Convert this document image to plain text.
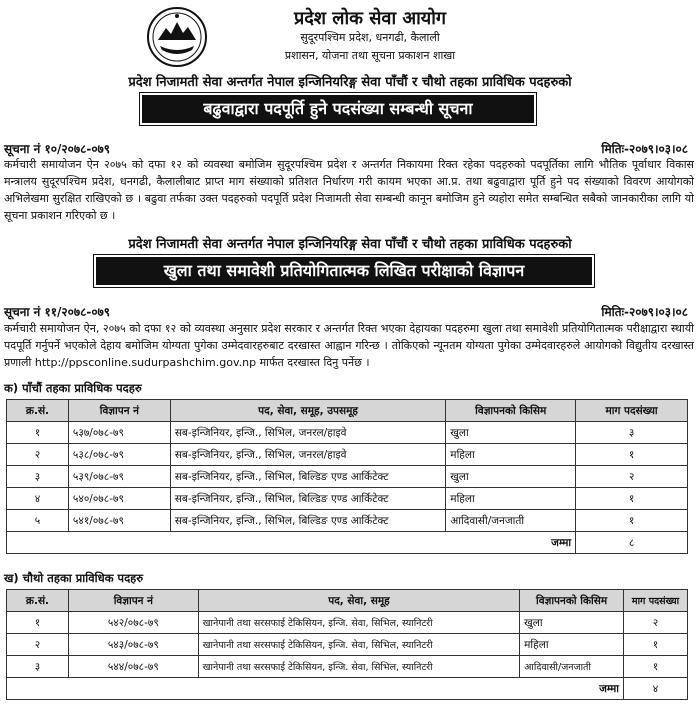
प्रदेश लोक सेवा आयोग
सुदूरपश्चिम प्रदेश, धनगढी, कैलाली
प्रशासन, योजना तथा सूचना प्रकाशन शाखा
प्रदेश निजामती सेवा अन्तर्गत नेपाल इन्जिनियरिङ्ग सेवा पाँचौं र चौथो तहका प्राविधिक पदहरुको
बढुवाद्वारा पदपूर्ति हुने पदसंख्या सम्बन्धी सूचना
सूचना नं १०/२०७८-०७९	मितिः-२०७९।०३।०८
कर्मचारी समायोजन ऐन २०७५ को दफा १२ को व्यवस्था बमोजिम सुदूरपश्चिम प्रदेश र अन्तर्गत निकायमा रिक्त रहेका पदहरुको पदपूर्तिका लागि भौतिक पूर्वाधार विकास मन्त्रालय सुदूरपश्चिम प्रदेश, धनगढी, कैलालीबाट प्राप्त माग संख्याको प्रतिशत निर्धारण गरी कायम भएका आ.प्र. तथा बढुवाद्वारा पूर्ति हुने पद संख्याको विवरण आयोगको अभिलेखमा सुरक्षित राखिएको छ । बढुवा तर्फका उक्त पदहरुको पदपूर्ति प्रदेश निजामती सेवा सम्बन्धी कानून बमोजिम हुने व्यहोरा समेत सम्बन्धित सबैको जानकारीका लागि यो सूचना प्रकाशन गरिएको छ ।
प्रदेश निजामती सेवा अन्तर्गत नेपाल इन्जिनियरिङ्ग सेवा पाँचौं र चौथो तहका प्राविधिक पदहरुको
खुला तथा समावेशी प्रतियोगितात्मक लिखित परीक्षाको विज्ञापन
सूचना नं ११/२०७८-०७९	मितिः-२०७९।०३।०८
कर्मचारी समायोजन ऐन, २०७५ को दफा १२ को व्यवस्था अनुसार प्रदेश सरकार र अन्तर्गत रिक्त भएका देहायका पदहरुमा खुला तथा समावेशी प्रतियोगितात्मक परीक्षाद्वारा स्थायी पदपूर्ति गर्नुपर्ने भएकोले देहाय बमोजिम योग्यता पुगेका उम्मेदवारहरुबाट दरखास्त आह्वान गरिन्छ । तोकिएको न्यूनतम योग्यता पुगेका उम्मेदवारहरुले आयोगको विद्युतीय दरखास्त प्रणाली http://ppsconline.sudurpashchim.gov.np मार्फत दरखास्त दिनु पर्नेछ ।
क) पाँचौं तहका प्राविधिक पदहरु
क्र.सं.	विज्ञापन नं	पद, सेवा, समूह, उपसमूह	विज्ञापनको किसिम	माग पदसंख्या
१	५३७/०७८-७९	सब-इन्जिनियर, इन्जि., सिभिल, जनरल/हाइवे	खुला	३
२	५३८/०७८-७९	सब-इन्जिनियर, इन्जि., सिभिल, जनरल/हाइवे	महिला	१
३	५३९/०७८-७९	सब-इन्जिनियर, इन्जि., सिभिल, बिल्डिङ एण्ड आर्किटेक्ट	खुला	२
४	५४०/०७८-७९	सब-इन्जिनियर, इन्जि., सिभिल, बिल्डिङ एण्ड आर्किटेक्ट	महिला	१
५	५४१/०७८-७९	सब-इन्जिनियर, इन्जि., सिभिल, बिल्डिङ एण्ड आर्किटेक्ट	आदिवासी/जनजाती	१
			जम्मा	८
ख) चौथो तहका प्राविधिक पदहरु
क्र.सं.	विज्ञापन नं	पद, सेवा, समूह	विज्ञापनको किसिम	माग पदसंख्या
१	५४२/०७८-७९	खानेपानी तथा सरसफाई टेकिसियन, इन्जि. सेवा, सिभिल, स्यानिटरी	खुला	२
२	५४३/०७८-७९	खानेपानी तथा सरसफाई टेकिसियन, इन्जि. सेवा, सिभिल, स्यानिटरी	महिला	१
३	५४४/०७८-७९	खानेपानी तथा सरसफाई टेकिसियन, इन्जि. सेवा, सिभिल, स्यानिटरी	आदिवासी/जनजाती	१
			जम्मा	४
